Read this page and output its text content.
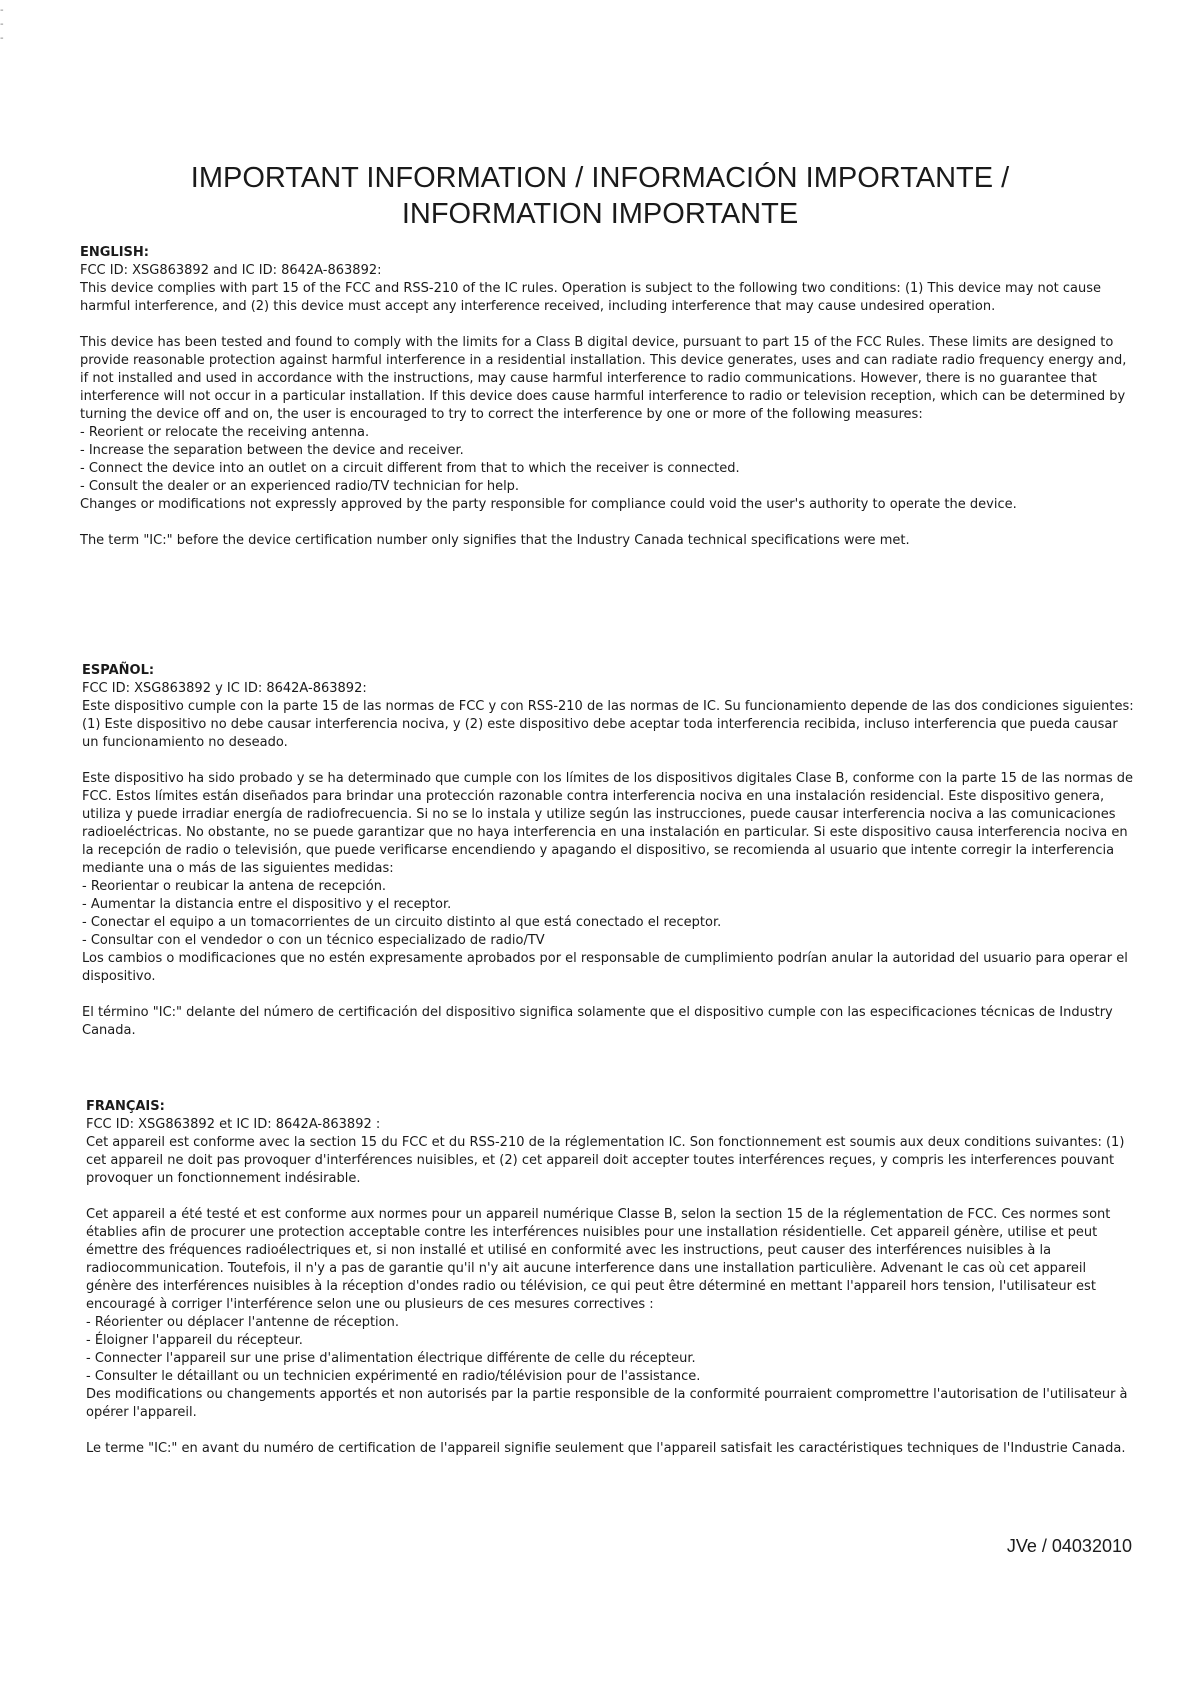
-
-
-
IMPORTANT INFORMATION / INFORMACIÓN IMPORTANTE /
INFORMATION IMPORTANTE
ENGLISH:

FCC ID: XSG863892 and IC ID: 8642A-863892:

This device complies with part 15 of the FCC and RSS-210 of the IC rules. Operation is subject to the following two conditions: (1) This device may not cause harmful interference, and (2) this device must accept any interference received, including interference that may cause undesired operation.

This device has been tested and found to comply with the limits for a Class B digital device, pursuant to part 15 of the FCC Rules. These limits are designed to provide reasonable protection against harmful interference in a residential installation. This device generates, uses and can radiate radio frequency energy and, if not installed and used in accordance with the instructions, may cause harmful interference to radio communications. However, there is no guarantee that interference will not occur in a particular installation. If this device does cause harmful interference to radio or television reception, which can be determined by turning the device off and on, the user is encouraged to try to correct the interference by one or more of the following measures:

- Reorient or relocate the receiving antenna.
- Increase the separation between the device and receiver.
- Connect the device into an outlet on a circuit different from that to which the receiver is connected.
- Consult the dealer or an experienced radio/TV technician for help.

Changes or modifications not expressly approved by the party responsible for compliance could void the user's authority to operate the device.

The term "IC:" before the device certification number only signifies that the Industry Canada technical specifications were met.

ESPAÑOL:

FCC ID: XSG863892 y IC ID: 8642A-863892:

Este dispositivo cumple con la parte 15 de las normas de FCC y con RSS-210 de las normas de IC. Su funcionamiento depende de las dos condiciones siguientes: (1) Este dispositivo no debe causar interferencia nociva, y (2) este dispositivo debe aceptar toda interferencia recibida, incluso interferencia que pueda causar un funcionamiento no deseado.

Este dispositivo ha sido probado y se ha determinado que cumple con los límites de los dispositivos digitales Clase B, conforme con la parte 15 de las normas de FCC. Estos límites están diseñados para brindar una protección razonable contra interferencia nociva en una instalación residencial. Este dispositivo genera, utiliza y puede irradiar energía de radiofrecuencia. Si no se lo instala y utilize según las instrucciones, puede causar interferencia nociva a las comunicaciones radioeléctricas. No obstante, no se puede garantizar que no haya interferencia en una instalación en particular. Si este dispositivo causa interferencia nociva en la recepción de radio o televisión, que puede verificarse encendiendo y apagando el dispositivo, se recomienda al usuario que intente corregir la interferencia mediante una o más de las siguientes medidas:

- Reorientar o reubicar la antena de recepción.
- Aumentar la distancia entre el dispositivo y el receptor.
- Conectar el equipo a un tomacorrientes de un circuito distinto al que está conectado el receptor.
- Consultar con el vendedor o con un técnico especializado de radio/TV

Los cambios o modificaciones que no estén expresamente aprobados por el responsable de cumplimiento podrían anular la autoridad del usuario para operar el dispositivo.

El término "IC:" delante del número de certificación del dispositivo significa solamente que el dispositivo cumple con las especificaciones técnicas de Industry Canada.

FRANÇAIS:

FCC ID: XSG863892 et IC ID: 8642A-863892 :

Cet appareil est conforme avec la section 15 du FCC et du RSS-210 de la réglementation IC. Son fonctionnement est soumis aux deux conditions suivantes: (1) cet appareil ne doit pas provoquer d'interférences nuisibles, et (2) cet appareil doit accepter toutes interférences reçues, y compris les interferences pouvant provoquer un fonctionnement indésirable.

Cet appareil a été testé et est conforme aux normes pour un appareil numérique Classe B, selon la section 15 de la réglementation de FCC. Ces normes sont établies afin de procurer une protection acceptable contre les interférences nuisibles pour une installation résidentielle. Cet appareil génère, utilise et peut émettre des fréquences radioélectriques et, si non installé et utilisé en conformité avec les instructions, peut causer des interférences nuisibles à la radiocommunication. Toutefois, il n'y a pas de garantie qu'il n'y ait aucune interference dans une installation particulière. Advenant le cas où cet appareil génère des interférences nuisibles à la réception d'ondes radio ou télévision, ce qui peut être déterminé en mettant l'appareil hors tension, l'utilisateur est encouragé à corriger l'interférence selon une ou plusieurs de ces mesures correctives :

- Réorienter ou déplacer l'antenne de réception.
- Éloigner l'appareil du récepteur.
- Connecter l'appareil sur une prise d'alimentation électrique différente de celle du récepteur.
- Consulter le détaillant ou un technicien expérimenté en radio/télévision pour de l'assistance.

Des modifications ou changements apportés et non autorisés par la partie responsible de la conformité pourraient compromettre l'autorisation de l'utilisateur à opérer l'appareil.

Le terme "IC:" en avant du numéro de certification de l'appareil signifie seulement que l'appareil satisfait les caractéristiques techniques de l'Industrie Canada.

JVe / 04032010
